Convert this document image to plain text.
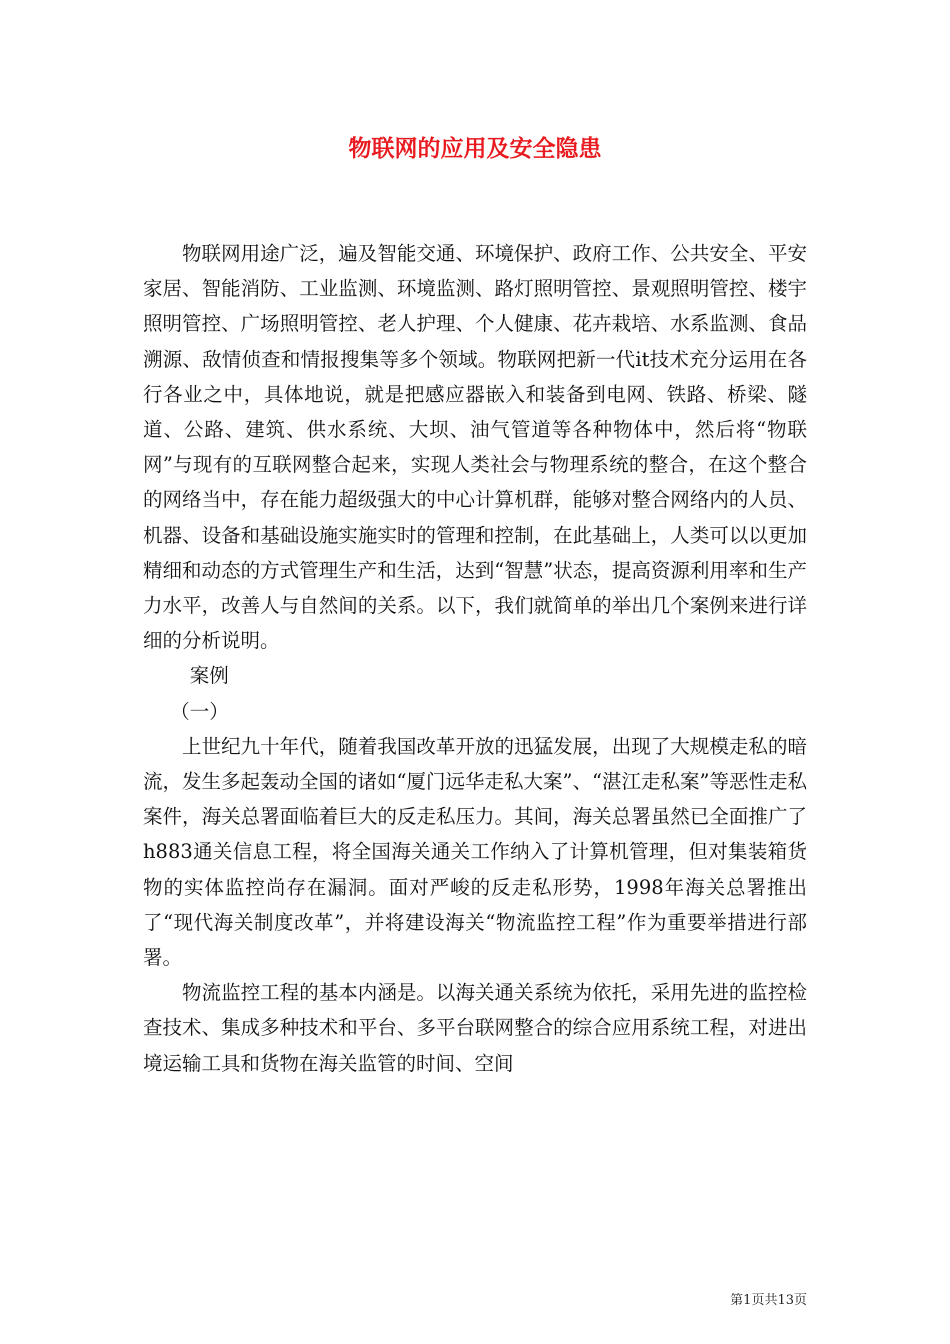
物联网的应用及安全隐患

物联网用途广泛，遍及智能交通、环境保护、政府工作、公共安全、平安家居、智能消防、工业监测、环境监测、路灯照明管控、景观照明管控、楼宇照明管控、广场照明管控、老人护理、个人健康、花卉栽培、水系监测、食品溯源、敌情侦查和情报搜集等多个领域。物联网把新一代it技术充分运用在各行各业之中，具体地说，就是把感应器嵌入和装备到电网、铁路、桥梁、隧道、公路、建筑、供水系统、大坝、油气管道等各种物体中，然后将“物联网”与现有的互联网整合起来，实现人类社会与物理系统的整合，在这个整合的网络当中，存在能力超级强大的中心计算机群，能够对整合网络内的人员、机器、设备和基础设施实施实时的管理和控制，在此基础上，人类可以以更加精细和动态的方式管理生产和生活，达到“智慧”状态，提高资源利用率和生产力水平，改善人与自然间的关系。以下，我们就简单的举出几个案例来进行详细的分析说明。

案例

（一）

上世纪九十年代，随着我国改革开放的迅猛发展，出现了大规模走私的暗流，发生多起轰动全国的诸如“厦门远华走私大案”、“湛江走私案”等恶性走私案件，海关总署面临着巨大的反走私压力。其间，海关总署虽然已全面推广了h883通关信息工程，将全国海关通关工作纳入了计算机管理，但对集装箱货物的实体监控尚存在漏洞。面对严峻的反走私形势，1998年海关总署推出了“现代海关制度改革”，并将建设海关“物流监控工程”作为重要举措进行部署。

物流监控工程的基本内涵是。以海关通关系统为依托，采用先进的监控检查技术、集成多种技术和平台、多平台联网整合的综合应用系统工程，对进出境运输工具和货物在海关监管的时间、空间

第1页共13页
